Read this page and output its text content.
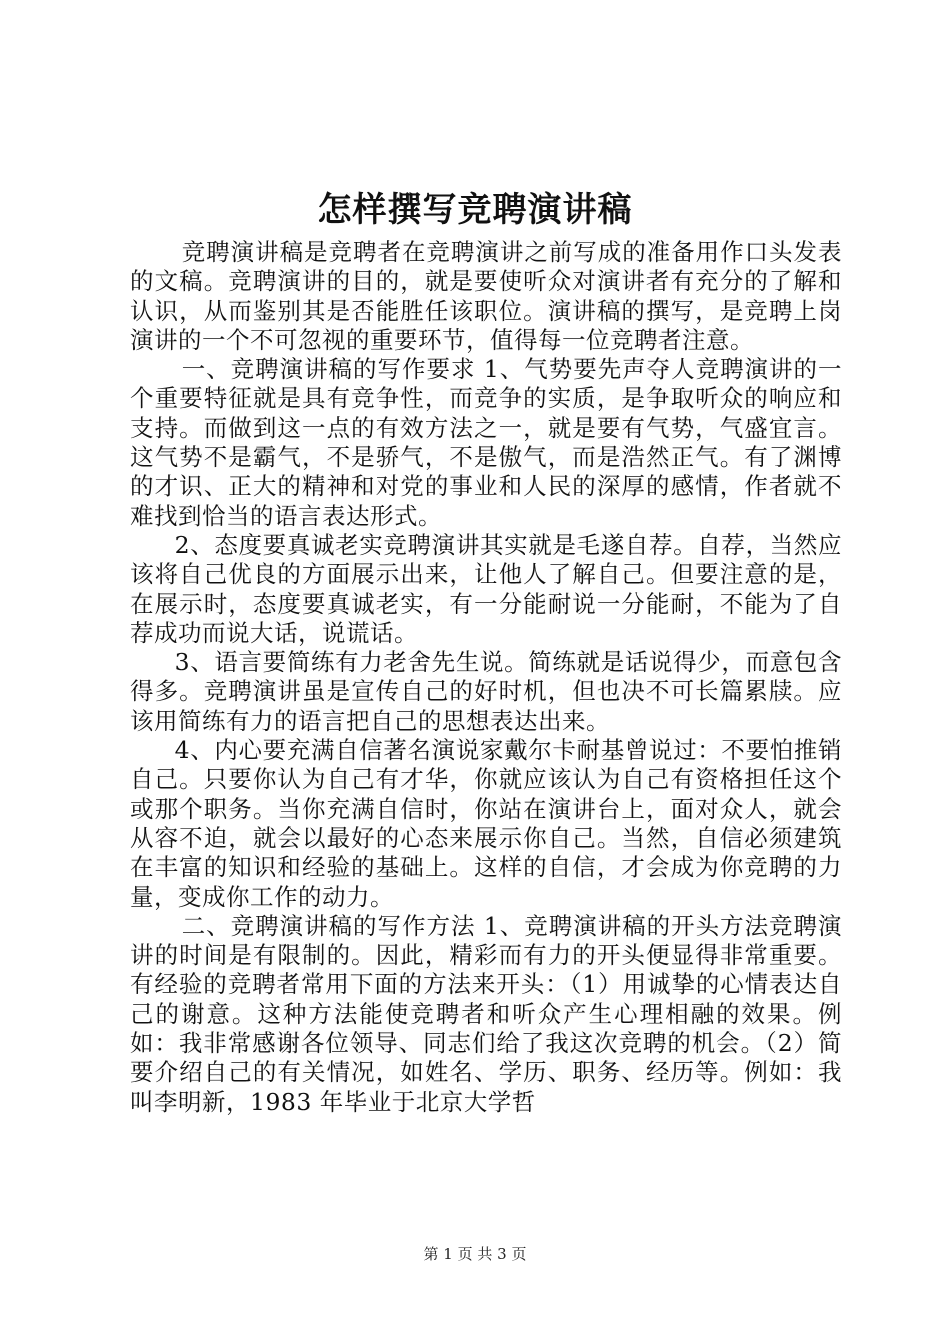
怎样撰写竞聘演讲稿

竞聘演讲稿是竞聘者在竞聘演讲之前写成的准备用作口头发表的文稿。竞聘演讲的目的，就是要使听众对演讲者有充分的了解和认识，从而鉴别其是否能胜任该职位。演讲稿的撰写，是竞聘上岗演讲的一个不可忽视的重要环节，值得每一位竞聘者注意。

一、竞聘演讲稿的写作要求 1、气势要先声夺人竞聘演讲的一个重要特征就是具有竞争性，而竞争的实质，是争取听众的响应和支持。而做到这一点的有效方法之一，就是要有气势，气盛宜言。这气势不是霸气，不是骄气，不是傲气，而是浩然正气。有了渊博的才识、正大的精神和对党的事业和人民的深厚的感情，作者就不难找到恰当的语言表达形式。

2、态度要真诚老实竞聘演讲其实就是毛遂自荐。自荐，当然应该将自己优良的方面展示出来，让他人了解自己。但要注意的是，在展示时，态度要真诚老实，有一分能耐说一分能耐，不能为了自荐成功而说大话，说谎话。

3、语言要简练有力老舍先生说。简练就是话说得少，而意包含得多。竞聘演讲虽是宣传自己的好时机，但也决不可长篇累牍。应该用简练有力的语言把自己的思想表达出来。

4、内心要充满自信著名演说家戴尔卡耐基曾说过：不要怕推销自己。只要你认为自己有才华，你就应该认为自己有资格担任这个或那个职务。当你充满自信时，你站在演讲台上，面对众人，就会从容不迫，就会以最好的心态来展示你自己。当然，自信必须建筑在丰富的知识和经验的基础上。这样的自信，才会成为你竞聘的力量，变成你工作的动力。

二、竞聘演讲稿的写作方法 1、竞聘演讲稿的开头方法竞聘演讲的时间是有限制的。因此，精彩而有力的开头便显得非常重要。有经验的竞聘者常用下面的方法来开头：（1）用诚挚的心情表达自己的谢意。这种方法能使竞聘者和听众产生心理相融的效果。例如：我非常感谢各位领导、同志们给了我这次竞聘的机会。（2）简要介绍自己的有关情况，如姓名、学历、职务、经历等。例如：我叫李明新，1983 年毕业于北京大学哲

第 1 页 共 3 页
